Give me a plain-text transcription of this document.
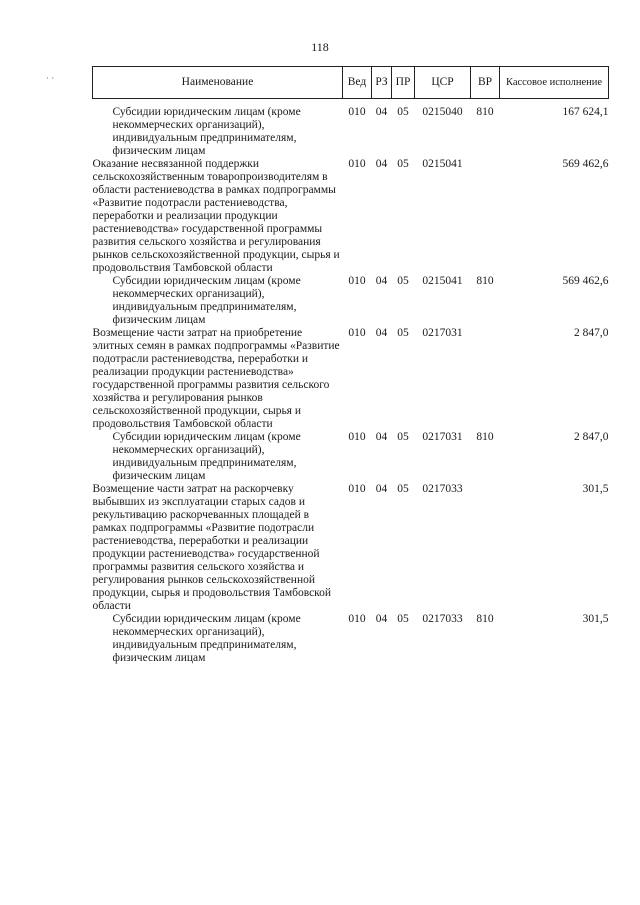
118
· ·	Наименование	Вед	РЗ	ПР	ЦСР	ВР	Кассовое исполнение

Субсидии юридическим лицам (кроме некоммерческих организаций), индивидуальным предпринимателям, физическим лицам	010	04	05	0215040	810	167 624,1
Оказание несвязанной поддержки сельскохозяйственным товаропроизводителям в области растениеводства в рамках подпрограммы «Развитие подотрасли растениеводства, переработки и реализации продукции растениеводства» государственной программы развития сельского хозяйства и регулирования рынков сельскохозяйственной продукции, сырья и продовольствия Тамбовской области	010	04	05	0215041		569 462,6
Субсидии юридическим лицам (кроме некоммерческих организаций), индивидуальным предпринимателям, физическим лицам	010	04	05	0215041	810	569 462,6
Возмещение части затрат на приобретение элитных семян в рамках подпрограммы «Развитие подотрасли растениеводства, переработки и реализации продукции растениеводства» государственной программы развития сельского хозяйства и регулирования рынков сельскохозяйственной продукции, сырья и продовольствия Тамбовской области	010	04	05	0217031		2 847,0
Субсидии юридическим лицам (кроме некоммерческих организаций), индивидуальным предпринимателям, физическим лицам	010	04	05	0217031	810	2 847,0
Возмещение части затрат на раскорчевку выбывших из эксплуатации старых садов и рекультивацию раскорчеванных площадей в рамках подпрограммы «Развитие подотрасли растениеводства, переработки и реализации продукции растениеводства» государственной программы развития сельского хозяйства и регулирования рынков сельскохозяйственной продукции, сырья и продовольствия Тамбовской области	010	04	05	0217033		301,5
Субсидии юридическим лицам (кроме некоммерческих организаций), индивидуальным предпринимателям, физическим лицам	010	04	05	0217033	810	301,5
